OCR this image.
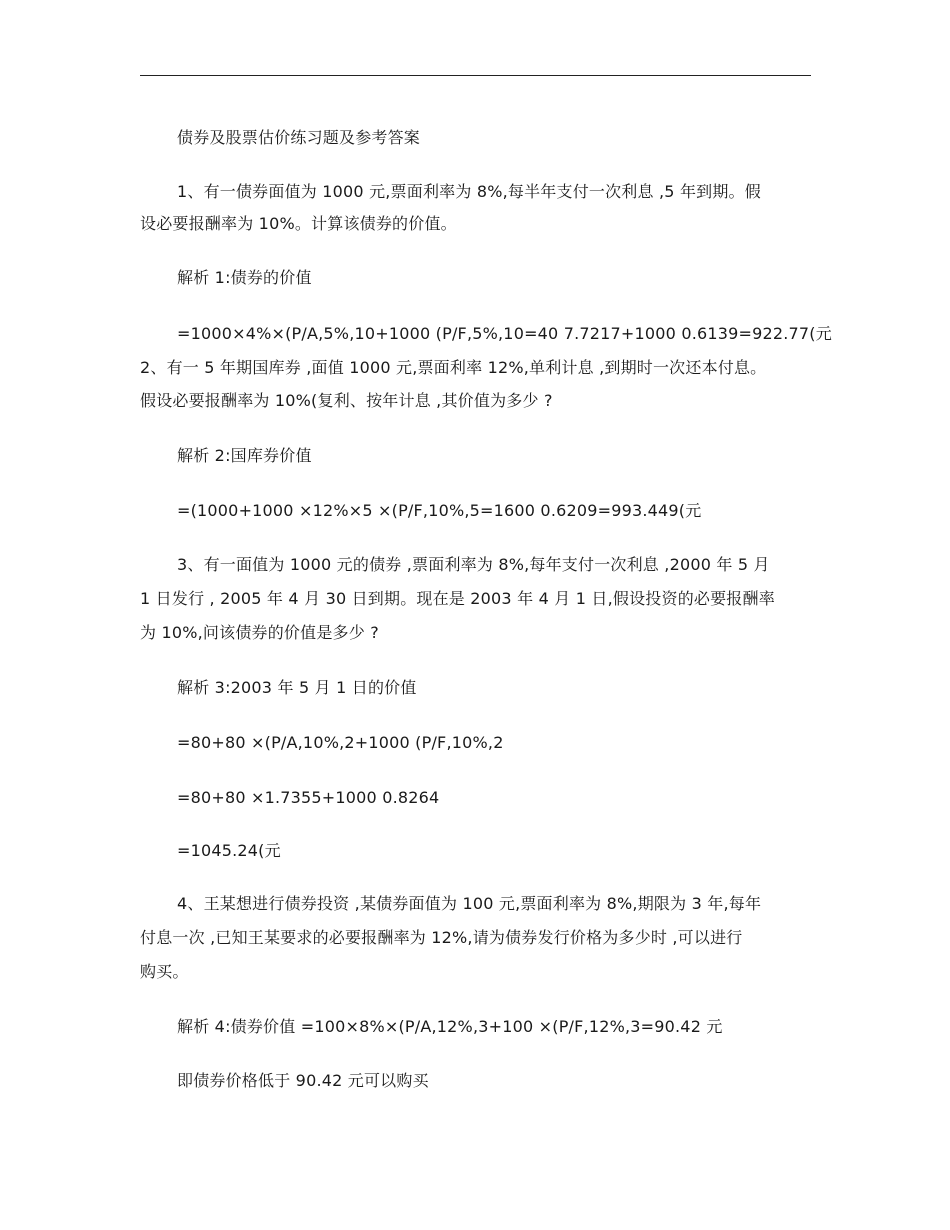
债券及股票估价练习题及参考答案
1、有一债券面值为 1000 元,票面利率为 8%,每半年支付一次利息 ,5 年到期。假
设必要报酬率为 10%。计算该债券的价值。
解析 1:债券的价值
=1000×4%×(P/A,5%,10+1000 (P/F,5%,10=40 7.7217+1000 0.6139=922.77(元
2、有一 5 年期国库券 ,面值 1000 元,票面利率 12%,单利计息 ,到期时一次还本付息。
假设必要报酬率为 10%(复利、按年计息 ,其价值为多少 ?
解析 2:国库券价值
=(1000+1000 ×12%×5 ×(P/F,10%,5=1600 0.6209=993.449(元
3、有一面值为 1000 元的债券 ,票面利率为 8%,每年支付一次利息 ,2000 年 5 月
1 日发行 , 2005 年 4 月 30 日到期。现在是 2003 年 4 月 1 日,假设投资的必要报酬率
为 10%,问该债券的价值是多少 ?
解析 3:2003 年 5 月 1 日的价值
=80+80 ×(P/A,10%,2+1000 (P/F,10%,2
=80+80 ×1.7355+1000 0.8264
=1045.24(元
4、王某想进行债券投资 ,某债券面值为 100 元,票面利率为 8%,期限为 3 年,每年
付息一次 ,已知王某要求的必要报酬率为 12%,请为债券发行价格为多少时 ,可以进行
购买。
解析 4:债券价值 =100×8%×(P/A,12%,3+100 ×(P/F,12%,3=90.42 元
即债券价格低于 90.42 元可以购买
